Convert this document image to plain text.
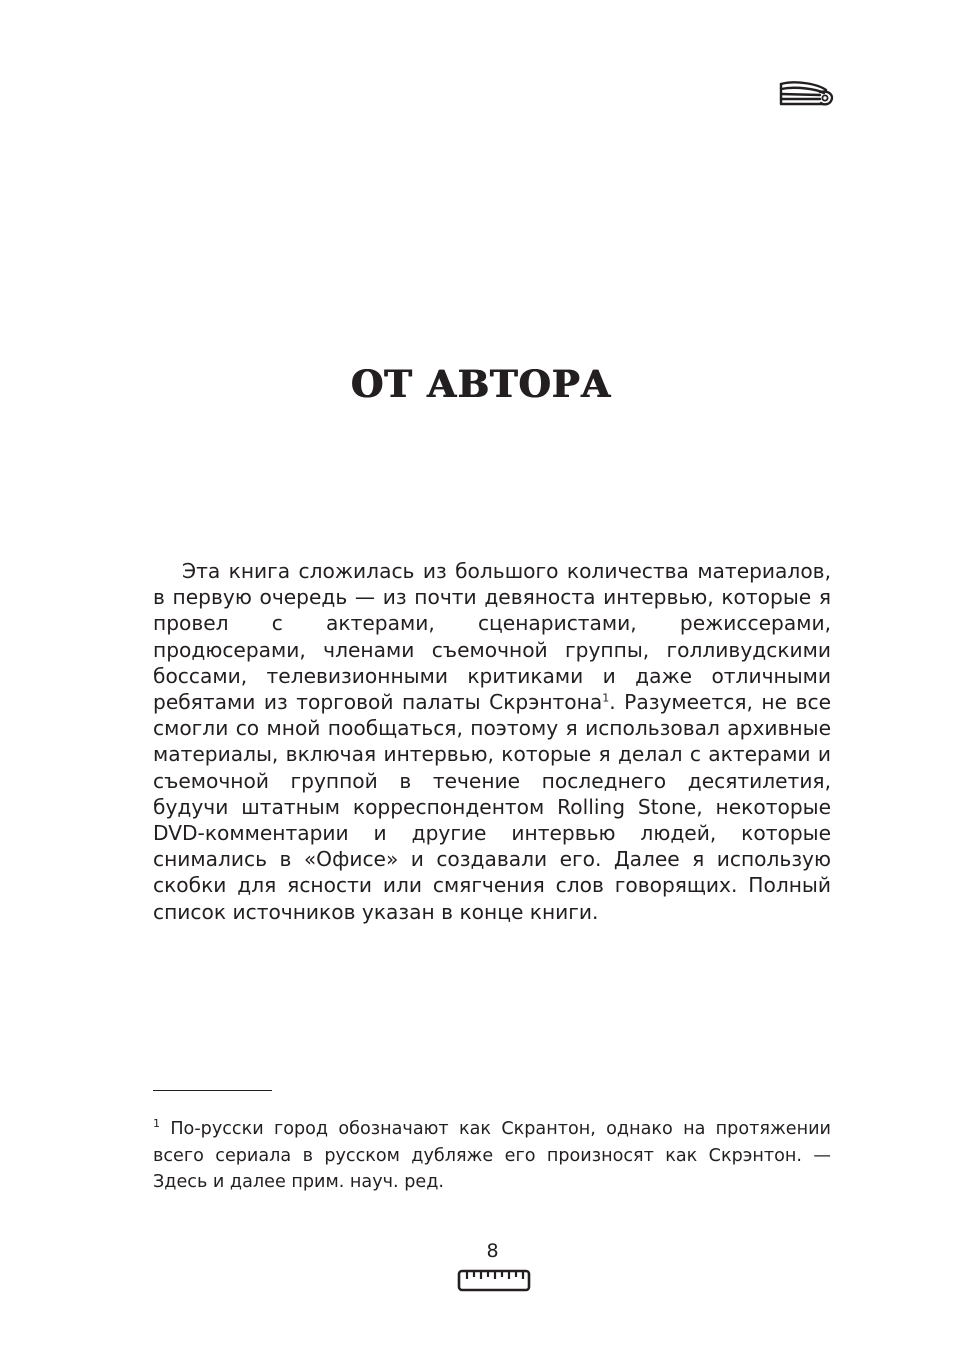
ОТ АВТОРА

Эта книга сложилась из большого количества материалов, в первую очередь — из почти девяноста интервью, которые я провел с актерами, сценаристами, режиссерами, продюсерами, членами съемочной группы, голливудскими боссами, телевизионными критиками и даже отличными ребятами из торговой палаты Скрэнтона$^1$. Разумеется, не все смогли со мной пообщаться, поэтому я использовал архивные материалы, включая интервью, которые я делал с актерами и съемочной группой в течение последнего десятилетия, будучи штатным корреспондентом Rolling Stone, некоторые DVD-комментарии и другие интервью людей, которые снимались в «Офисе» и создавали его. Далее я использую скобки для ясности или смягчения слов говорящих. Полный список источников указан в конце книги.

$^1$ По-русски город обозначают как Скрантон, однако на протяжении всего сериала в русском дубляже его произносят как Скрэнтон. — Здесь и далее прим. науч. ред.

8
